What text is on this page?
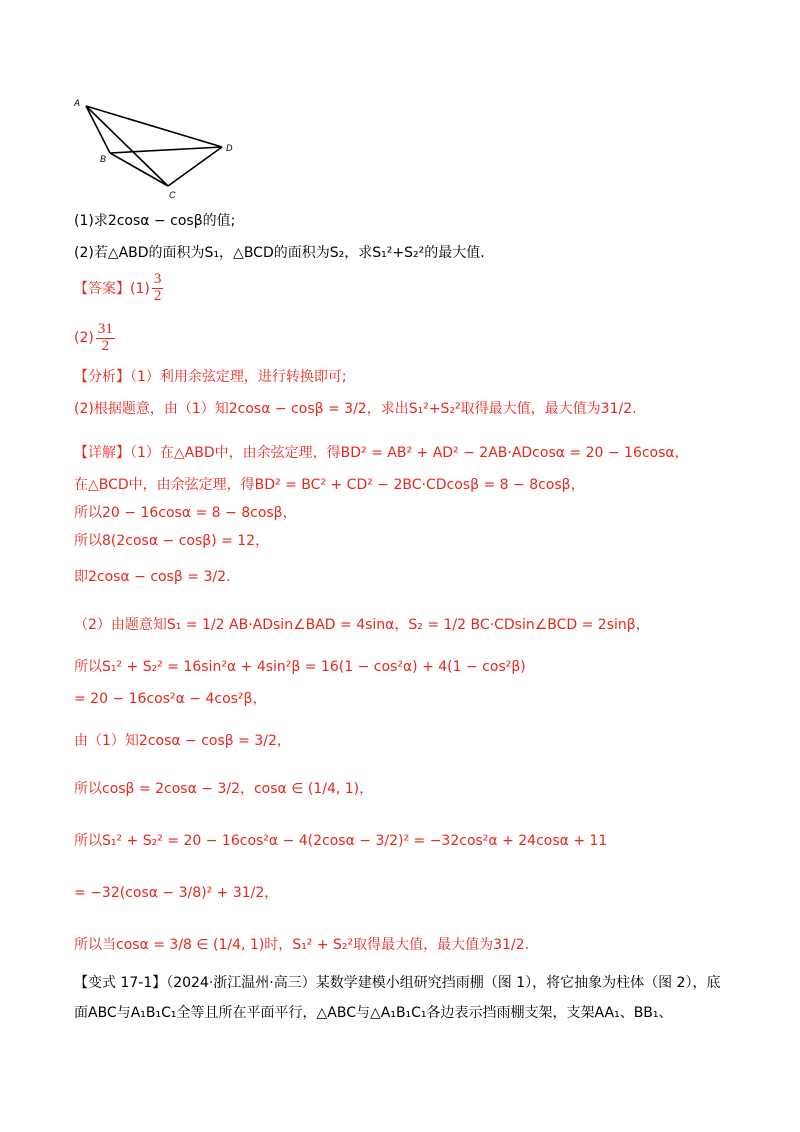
A
B
C
D
(1)求2cosα − cosβ的值;
(2)若△ABD的面积为S₁，△BCD的面积为S₂，求S₁²+S₂²的最大值.
【答案】$(1) \frac{3}{2}$
$(2) \frac{31}{2}$
【分析】（1）利用余弦定理，进行转换即可;
(2)根据题意，由（1）知2cosα − cosβ = 3/2，求出S₁²+S₂²取得最大值，最大值为31/2.
【详解】（1）在△ABD中，由余弦定理，得BD² = AB² + AD² − 2AB·ADcosα = 20 − 16cosα，
在△BCD中，由余弦定理，得BD² = BC² + CD² − 2BC·CDcosβ = 8 − 8cosβ，
所以20 − 16cosα = 8 − 8cosβ，
所以8(2cosα − cosβ) = 12，
即2cosα − cosβ = 3/2.
（2）由题意知S₁ = 1/2 AB·ADsin∠BAD = 4sinα，S₂ = 1/2 BC·CDsin∠BCD = 2sinβ，
所以S₁² + S₂² = 16sin²α + 4sin²β = 16(1 − cos²α) + 4(1 − cos²β)
= 20 − 16cos²α − 4cos²β，
由（1）知2cosα − cosβ = 3/2，
所以cosβ = 2cosα − 3/2，cosα ∈ (1/4, 1)，
所以S₁² + S₂² = 20 − 16cos²α − 4(2cosα − 3/2)² = −32cos²α + 24cosα + 11
= −32(cosα − 3/8)² + 31/2，
所以当cosα = 3/8 ∈ (1/4, 1)时，S₁² + S₂²取得最大值，最大值为31/2.
【变式 17-1】（2024·浙江温州·高三）某数学建模小组研究挡雨棚（图 1），将它抽象为柱体（图 2），底
面ABC与A₁B₁C₁全等且所在平面平行，△ABC与△A₁B₁C₁各边表示挡雨棚支架，支架AA₁、BB₁、
